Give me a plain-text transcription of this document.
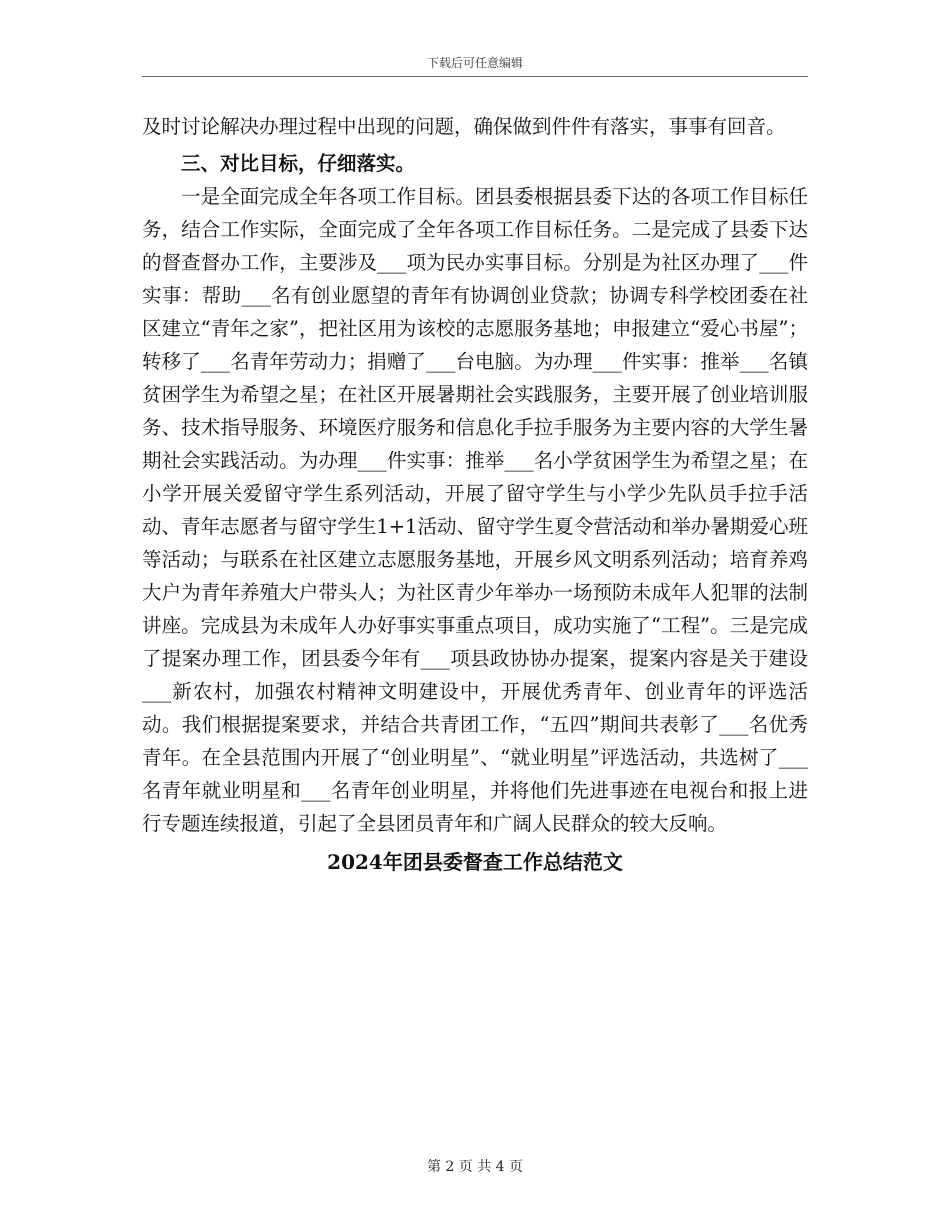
下载后可任意编辑

及时讨论解决办理过程中出现的问题，确保做到件件有落实，事事有回音。

三、对比目标，仔细落实。

一是全面完成全年各项工作目标。团县委根据县委下达的各项工作目标任务，结合工作实际，全面完成了全年各项工作目标任务。二是完成了县委下达的督查督办工作，主要涉及___项为民办实事目标。分别是为社区办理了___件实事：帮助___名有创业愿望的青年有协调创业贷款；协调专科学校团委在社区建立“青年之家”，把社区用为该校的志愿服务基地；申报建立“爱心书屋”；转移了___名青年劳动力；捐赠了___台电脑。为办理___件实事：推举___名镇贫困学生为希望之星；在社区开展暑期社会实践服务，主要开展了创业培训服务、技术指导服务、环境医疗服务和信息化手拉手服务为主要内容的大学生暑期社会实践活动。为办理___件实事：推举___名小学贫困学生为希望之星；在小学开展关爱留守学生系列活动，开展了留守学生与小学少先队员手拉手活动、青年志愿者与留守学生1+1活动、留守学生夏令营活动和举办暑期爱心班等活动；与联系在社区建立志愿服务基地，开展乡风文明系列活动；培育养鸡大户为青年养殖大户带头人；为社区青少年举办一场预防未成年人犯罪的法制讲座。完成县为未成年人办好事实事重点项目，成功实施了“工程”。三是完成了提案办理工作，团县委今年有___项县政协协办提案，提案内容是关于建设___新农村，加强农村精神文明建设中，开展优秀青年、创业青年的评选活动。我们根据提案要求，并结合共青团工作，“五四”期间共表彰了___名优秀青年。在全县范围内开展了“创业明星”、“就业明星”评选活动，共选树了___名青年就业明星和___名青年创业明星，并将他们先进事迹在电视台和报上进行专题连续报道，引起了全县团员青年和广阔人民群众的较大反响。

2024年团县委督查工作总结范文

第 2 页 共 4 页
